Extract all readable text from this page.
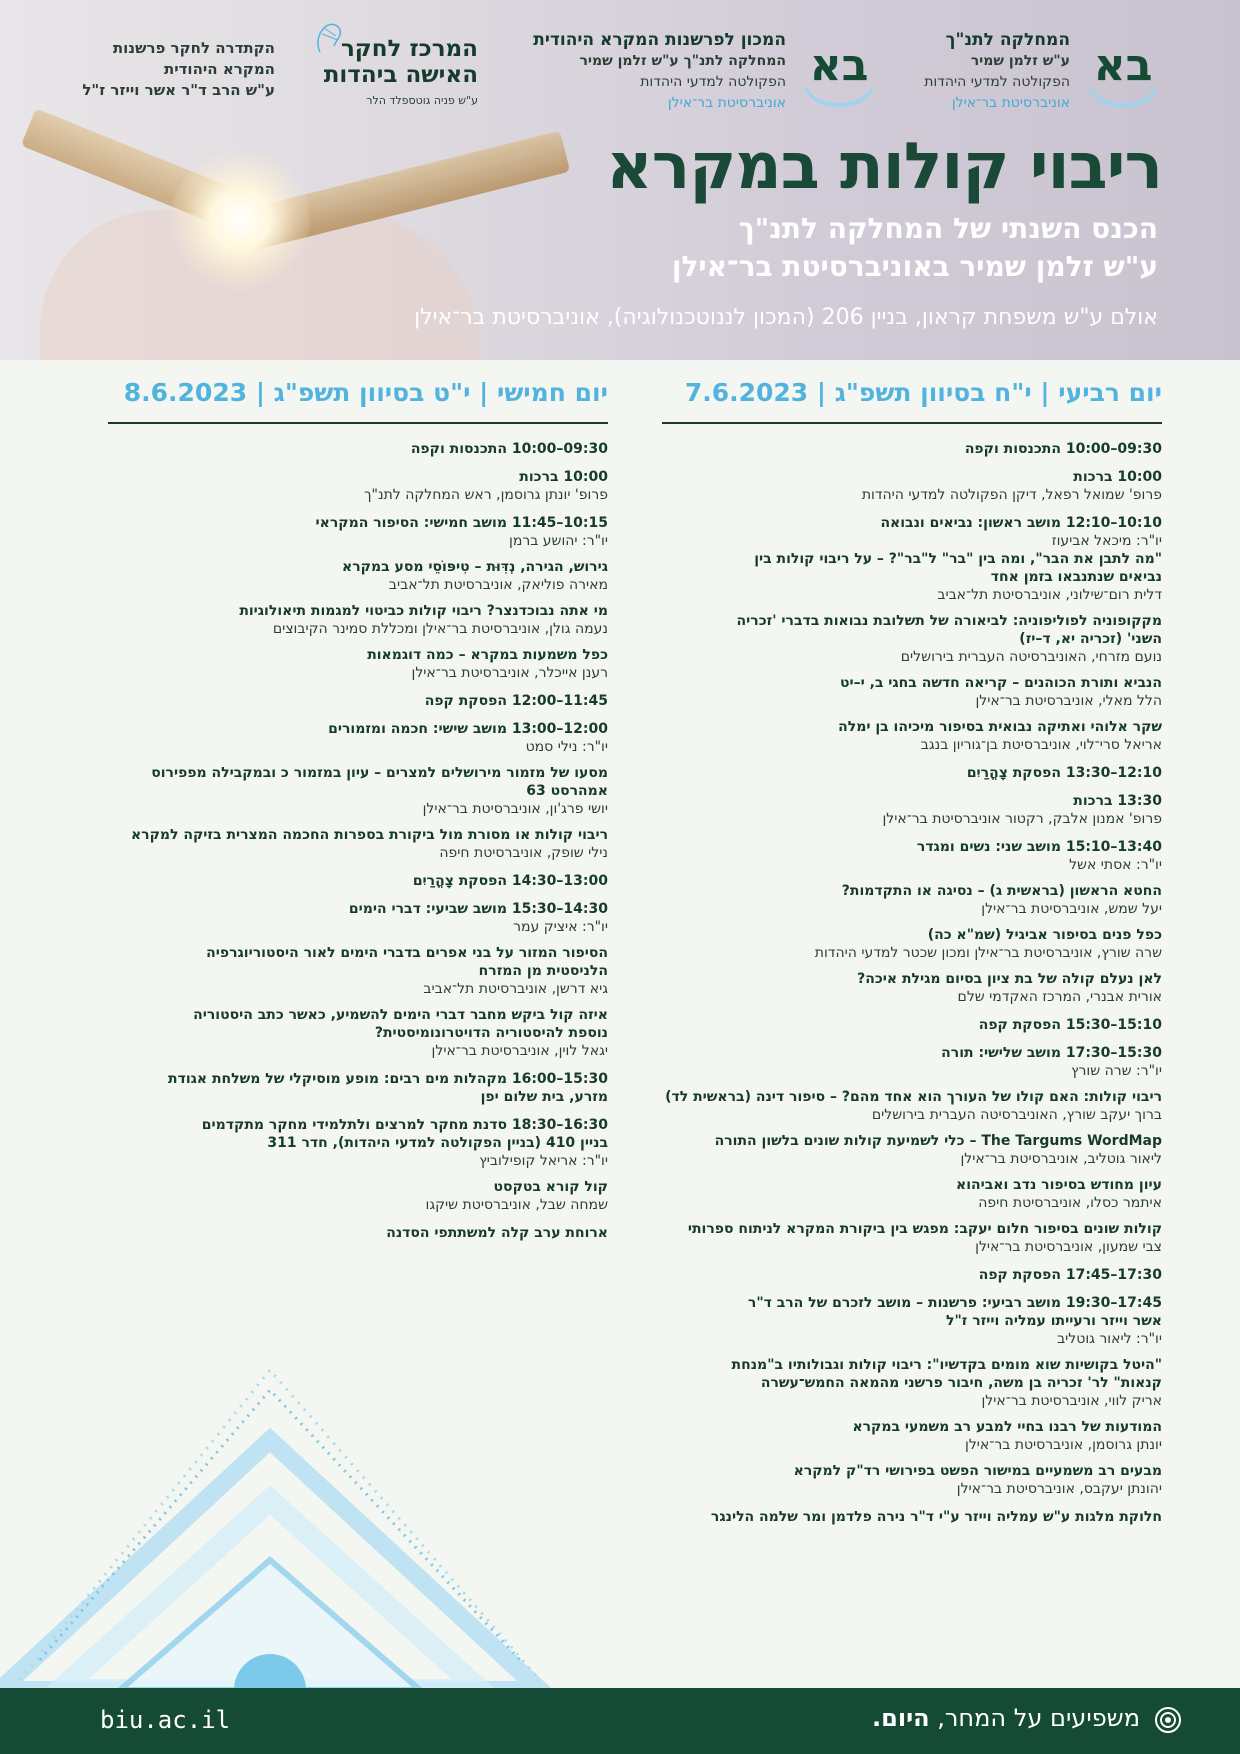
בא
המחלקה לתנ"ך
ע"ש זלמן שמיר
הפקולטה למדעי היהדות
אוניברסיטת בר־אילן
בא
המכון לפרשנות המקרא היהודית
המחלקה לתנ"ך ע"ש זלמן שמיר
הפקולטה למדעי היהדות
אוניברסיטת בר־אילן
המרכז לחקר
האישה ביהדות
ע"ש פניה גוטספלד הלר
הקתדרה לחקר פרשנות
המקרא היהודית
ע"ש הרב ד"ר אשר וייזר ז"ל
ריבוי קולות במקרא
הכנס השנתי של המחלקה לתנ"ך
ע"ש זלמן שמיר באוניברסיטת בר־אילן
אולם ע"ש משפחת קראון, בניין 206 (המכון לננוטכנולוגיה), אוניברסיטת בר־אילן
יום רביעי | י"ח בסיוון תשפ"ג | 7.6.2023
יום חמישי | י"ט בסיוון תשפ"ג | 8.6.2023
09:30–10:00 התכנסות וקפה
10:00 ברכות
פרופ' שמואל רפאל, דיקן הפקולטה למדעי היהדות
10:10–12:10 מושב ראשון: נביאים ונבואה
יו"ר: מיכאל אביעוז
"מה לתבן את הבר", ומה בין "בר" ל"בר"? – על ריבוי קולות בין
נביאים שנתנבאו בזמן אחד
דלית רום־שילוני, אוניברסיטת תל־אביב
מקקופוניה לפוליפוניה: לביאורה של תשלובת נבואות בדברי 'זכריה
השני' (זכריה יא, ד–יז)
נועם מזרחי, האוניברסיטה העברית בירושלים
הנביא ותורת הכוהנים – קריאה חדשה בחגי ב, י–יט
הלל מאלי, אוניברסיטת בר־אילן
שקר אלוהי ואתיקה נבואית בסיפור מיכיהו בן ימלה
אריאל סרי־לוי, אוניברסיטת בן־גוריון בנגב
12:10–13:30 הפסקת צָהֳרַיִם
13:30 ברכות
פרופ' אמנון אלבק, רקטור אוניברסיטת בר־אילן
13:40–15:10 מושב שני: נשים ומגדר
יו"ר: אסתי אשל
החטא הראשון (בראשית ג) – נסיגה או התקדמות?
יעל שמש, אוניברסיטת בר־אילן
כפל פנים בסיפור אביגיל (שמ"א כה)
שרה שורץ, אוניברסיטת בר־אילן ומכון שכטר למדעי היהדות
לאן נעלם קולה של בת ציון בסיום מגילת איכה?
אורית אבנרי, המרכז האקדמי שלם
15:10–15:30 הפסקת קפה
15:30–17:30 מושב שלישי: תורה
יו"ר: שרה שורץ
ריבוי קולות: האם קולו של העורך הוא אחד מהם? – סיפור דינה (בראשית לד)
ברוך יעקב שורץ, האוניברסיטה העברית בירושלים
The Targums WordMap – כלי לשמיעת קולות שונים בלשון התורה
ליאור גוטליב, אוניברסיטת בר־אילן
עיון מחודש בסיפור נדב ואביהוא
איתמר כסלו, אוניברסיטת חיפה
קולות שונים בסיפור חלום יעקב: מפגש בין ביקורת המקרא לניתוח ספרותי
צבי שמעון, אוניברסיטת בר־אילן
17:30–17:45 הפסקת קפה
17:45–19:30 מושב רביעי: פרשנות – מושב לזכרם של הרב ד"ר
אשר וייזר ורעייתו עמליה וייזר ז"ל
יו"ר: ליאור גוטליב
"היטל בקושיות שוא מומים בקדשיו": ריבוי קולות וגבולותיו ב"מנחת
קנאות" לר' זכריה בן משה, חיבור פרשני מהמאה החמש־עשרה
אריק לווי, אוניברסיטת בר־אילן
המודעות של רבנו בחיי למבע רב משמעי במקרא
יונתן גרוסמן, אוניברסיטת בר־אילן
מבעים רב משמעיים במישור הפשט בפירושי רד"ק למקרא
יהונתן יעקבס, אוניברסיטת בר־אילן
חלוקת מלגות ע"ש עמליה וייזר ע"י ד"ר נירה פלדמן ומר שלמה הלינגר
09:30–10:00 התכנסות וקפה
10:00 ברכות
פרופ' יונתן גרוסמן, ראש המחלקה לתנ"ך
10:15–11:45 מושב חמישי: הסיפור המקראי
יו"ר: יהושע ברמן
גירוש, הגירה, נְדִּוּת – טִיפּוֹסֵי מסע במקרא
מאירה פוליאק, אוניברסיטת תל־אביב
מי אתה נבוכדנצר? ריבוי קולות כביטוי למגמות תיאולוגיות
נעמה גולן, אוניברסיטת בר־אילן ומכללת סמינר הקיבוצים
כפל משמעות במקרא – כמה דוגמאות
רענן אייכלר, אוניברסיטת בר־אילן
11:45–12:00 הפסקת קפה
12:00–13:00 מושב שישי: חכמה ומזמורים
יו"ר: נילי סמט
מסעו של מזמור מירושלים למצרים – עיון במזמור כ ובמקבילה מפפירוס
אמהרסט 63
יושי פרג'ון, אוניברסיטת בר־אילן
ריבוי קולות או מסורת מול ביקורת בספרות החכמה המצרית בזיקה למקרא
נילי שופק, אוניברסיטת חיפה
13:00–14:30 הפסקת צָהֳרַיִם
14:30–15:30 מושב שביעי: דברי הימים
יו"ר: איציק עמר
הסיפור המזור על בני אפרים בדברי הימים לאור היסטוריוגרפיה
הלניסטית מן המזרח
גיא דרשן, אוניברסיטת תל־אביב
איזה קול ביקש מחבר דברי הימים להשמיע, כאשר כתב היסטוריה
נוספת להיסטוריה הדויטרונומיסטית?
יגאל לוין, אוניברסיטת בר־אילן
15:30–16:00 מקהלות מים רבים: מופע מוסיקלי של משלחת אגודת
מזרע, בית שלום יפן
16:30–18:30 סדנת מחקר למרצים ולתלמידי מחקר מתקדמים
בניין 410 (בניין הפקולטה למדעי היהדות), חדר 311
יו"ר: אריאל קופילוביץ
קול קורא בטקסט
שמחה שבל, אוניברסיטת שיקגו
ארוחת ערב קלה למשתתפי הסדנה
biu.ac.il	משפיעים על המחר, היום.
